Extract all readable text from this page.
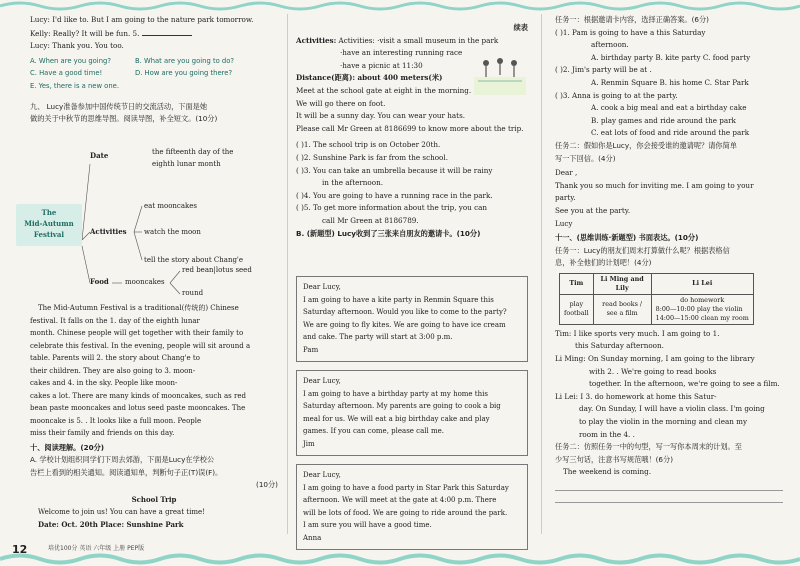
Lucy: I'd like to. But I am going to the nature park tomorrow.
Kelly: Really? It will be fun. 5.
Lucy: Thank you. You too.
A. When are you going?	B. What are you going to do?
C. Have a good time!	D. How are you going there?
E. Yes, there is a new one.
九、 Lucy准备参加中国传统节日的交流活动，下面是她
做的关于中秋节的思维导图。阅读导图，补全短文。(10分)
The
Mid-Autumn
Festival
Date	the fifteenth day of the
eighth lunar month
Activities
eat mooncakes
watch the moon
tell the story about Chang'e
Food mooncakes
red bean|lotus seed
round
The Mid-Autumn Festival is a traditional(传统的) Chinese
festival. It falls on the 1. day of the eighth lunar
month. Chinese people will get together with their family to
celebrate this festival. In the evening, people will sit around a
table. Parents will 2. the story about Chang'e to
their children. They are also going to 3. moon-
cakes and 4. in the sky. People like moon-
cakes a lot. There are many kinds of mooncakes, such as red
bean paste mooncakes and lotus seed paste mooncakes. The
mooncake is 5. . It looks like a full moon. People
miss their family and friends on this day.
十、阅读理解。(20分)
A. 学校计划组织同学们下周去郊游，下面是Lucy在学校公
告栏上看到的相关通知。阅读通知单，判断句子正(T)误(F)。
(10分)
School Trip
Welcome to join us! You can have a great time!
Date: Oct. 20th Place: Sunshine Park
续表
Activities: Activities: ·visit a small museum in the park
·have an interesting running race
·have a picnic at 11:30
Distance(距离): about 400 meters(米)
Meet at the school gate at eight in the morning.
We will go there on foot.
It will be a sunny day. You can wear your hats.
Please call Mr Green at 8186699 to know more about the trip.
( )1. The school trip is on October 20th.
( )2. Sunshine Park is far from the school.
( )3. You can take an umbrella because it will be rainy
in the afternoon.
( )4. You are going to have a running race in the park.
( )5. To get more information about the trip, you can
call Mr Green at 8186789.
B. (新题型) Lucy收到了三张来自朋友的邀请卡。(10分)
Dear Lucy,
I am going to have a kite party in Renmin Square this
Saturday afternoon. Would you like to come to the party?
We are going to fly kites. We are going to have ice cream
and cake. The party will start at 3:00 p.m.
Pam
Dear Lucy,
I am going to have a birthday party at my home this
Saturday afternoon. My parents are going to cook a big
meal for us. We will eat a big birthday cake and play
games. If you can come, please call me.
Jim
Dear Lucy,
I am going to have a food party in Star Park this Saturday
afternoon. We will meet at the gate at 4:00 p.m. There
will be lots of food. We are going to ride around the park.
I am sure you will have a good time.
Anna
任务一：根据邀请卡内容，选择正确答案。(6分)
( )1. Pam is going to have a this Saturday
afternoon.
A. birthday party B. kite party C. food party
( )2. Jim's party will be at .
A. Renmin Square B. his home C. Star Park
( )3. Anna is going to at the party.
A. cook a big meal and eat a birthday cake
B. play games and ride around the park
C. eat lots of food and ride around the park
任务二：假如你是Lucy，你会接受谁的邀请呢？请你简单
写一下回信。(4分)
Dear ,
Thank you so much for inviting me. I am going to your
party.
See you at the party.
Lucy
十一、(思维训练·新题型) 书面表达。(10分)
任务一：Lucy的朋友们周末打算做什么呢？根据表格信
息，补全他们的计划吧！(4分)
Tim	Li Ming and Lily	Li Lei
play football	read books / see a film	do homework
8:00—10:00 play the violin
14:00—15:00 clean my room
Tim: I like sports very much. I am going to 1.
this Saturday afternoon.
Li Ming: On Sunday morning, I am going to the library
with 2. . We're going to read books
together. In the afternoon, we're going to see a film.
Li Lei: I 3. do homework at home this Satur-
day. On Sunday, I will have a violin class. I'm going
to play the violin in the morning and clean my
room in the 4. .
任务二：仿照任务一中的句型，写一写你本周末的计划。至
少写三句话，注意书写规范哦！(6分)
The weekend is coming.
12	培优100分 英语 六年级 上册 PEP版
